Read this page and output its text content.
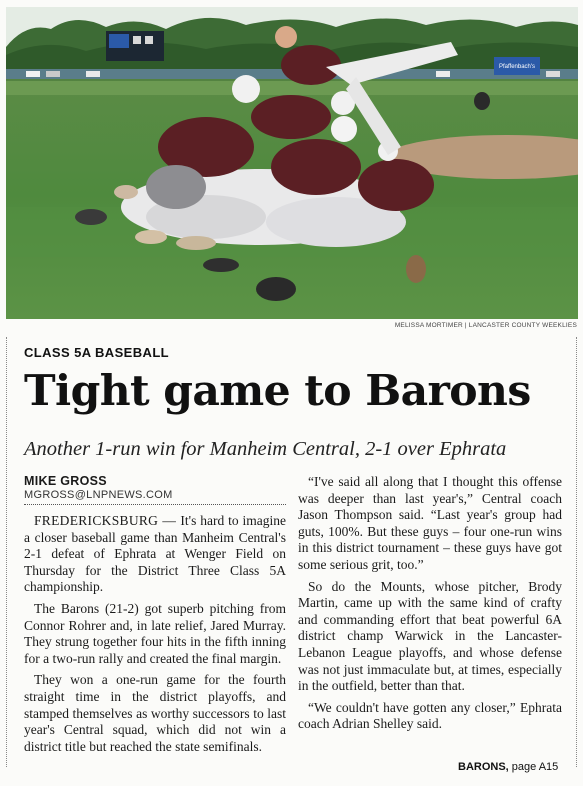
Pfaffenbach's
MELISSA MORTIMER | LANCASTER COUNTY WEEKLIES
CLASS 5A BASEBALL
Tight game to Barons
Another 1-run win for Manheim Central, 2-1 over Ephrata
MIKE GROSS
MGROSS@LNPNEWS.COM

FREDERICKSBURG — It's hard to imagine a closer baseball game than Manheim Central's 2-1 defeat of Ephrata at Wenger Field on Thursday for the District Three Class 5A championship.

The Barons (21-2) got superb pitching from Connor Rohrer and, in late relief, Jared Murray. They strung together four hits in the fifth inning for a two-run rally and created the final margin.

They won a one-run game for the fourth straight time in the district playoffs, and stamped themselves as worthy successors to last year's Central squad, which did not win a district title but reached the state semifinals.

“I've said all along that I thought this offense was deeper than last year's,” Central coach Jason Thompson said. “Last year's group had guts, 100%. But these guys – four one-run wins in this district tournament – these guys have got some serious grit, too.”

So do the Mounts, whose pitcher, Brody Martin, came up with the same kind of crafty and commanding effort that beat powerful 6A district champ Warwick in the Lancaster-Lebanon League playoffs, and whose defense was not just immaculate but, at times, especially in the outfield, better than that.

“We couldn't have gotten any closer,” Ephrata coach Adrian Shelley said.

BARONS, page A15
